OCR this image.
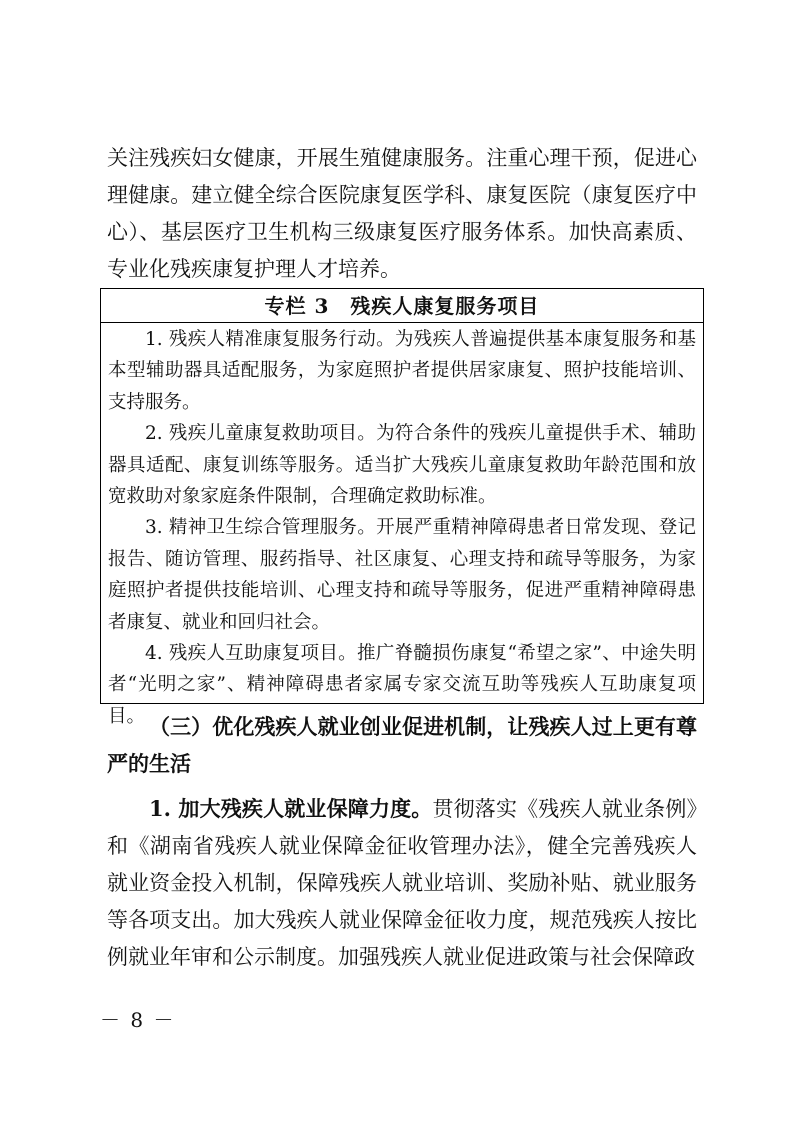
关注残疾妇女健康，开展生殖健康服务。注重心理干预，促进心理健康。建立健全综合医院康复医学科、康复医院（康复医疗中心）、基层医疗卫生机构三级康复医疗服务体系。加快高素质、专业化残疾康复护理人才培养。

专栏 3　残疾人康复服务项目

1. 残疾人精准康复服务行动。为残疾人普遍提供基本康复服务和基本型辅助器具适配服务，为家庭照护者提供居家康复、照护技能培训、支持服务。

2. 残疾儿童康复救助项目。为符合条件的残疾儿童提供手术、辅助器具适配、康复训练等服务。适当扩大残疾儿童康复救助年龄范围和放宽救助对象家庭条件限制，合理确定救助标准。

3. 精神卫生综合管理服务。开展严重精神障碍患者日常发现、登记报告、随访管理、服药指导、社区康复、心理支持和疏导等服务，为家庭照护者提供技能培训、心理支持和疏导等服务，促进严重精神障碍患者康复、就业和回归社会。

4. 残疾人互助康复项目。推广脊髓损伤康复“希望之家”、中途失明者“光明之家”、精神障碍患者家属专家交流互助等残疾人互助康复项目。 （三）优化残疾人就业创业促进机制，让残疾人过上更有尊严的生活

1. 加大残疾人就业保障力度。贯彻落实《残疾人就业条例》和《湖南省残疾人就业保障金征收管理办法》，健全完善残疾人就业资金投入机制，保障残疾人就业培训、奖励补贴、就业服务等各项支出。加大残疾人就业保障金征收力度，规范残疾人按比例就业年审和公示制度。加强残疾人就业促进政策与社会保障政

－ 8 －
